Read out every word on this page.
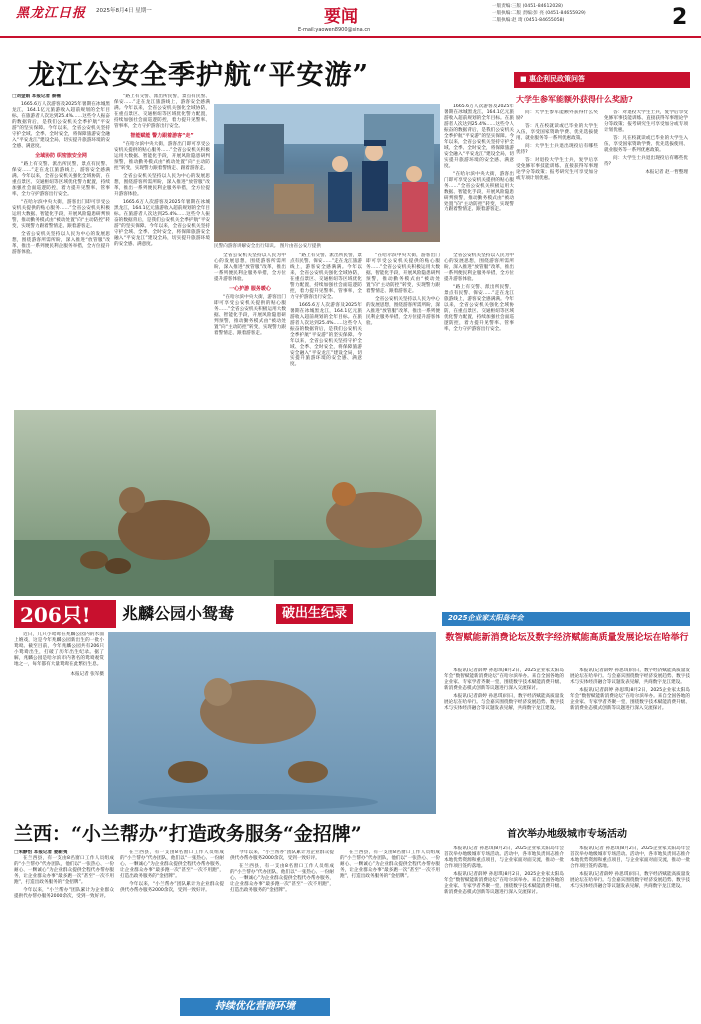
黑龙江日报 2025年8月4日 星期一	要闻
E-mail:yaowen8900@sina.cn
一版责编:三版 (0451-84612028)
一版执编:二版 责编:彭 亮 (0451-84655929)
二版执编:赵 琦 (0451-84655058)	2
龙江公安全季护航“平安游”
□刘金娟 本报记者 蔡楠

1665.6万人次游客及2025年暑期在冰城黑龙江，164.1亿元旅游收入超前规划的全年目标。在旅游者人次达到25.4%……这些令人振奋的数据背后，是我们公安机关全季护航“平安游”的坚实保障。今年以来，全省公安机关坚持守护全域、全季、全时安全，将保障旅游安全融入“平安龙江”建设全局，切实提升旅游环境的安全感、满意度。

全域协防 织密旅安全网

“路上有交警、派出所民警，景点有民警、保安……”走在龙江旅游线上，游客安全感满满。今年以来，全省公安机关强化全域协防，在重点景区、交通枢纽等区域优化警力配置，持续加强社会面巡逻防控，着力提升见警率、管事率，全力守护游客出行安全。

“在哈尔滨中央大街，游客出门即可享受公安机关提供的贴心服务……”全省公安机关积极运用大数据、智能化手段，开展风险隐患研判预警，推动勤务模式由“被动处置”向“主动防控”转变，实现警力跟着警情走、跟着游客走。

全省公安机关坚持以人民为中心的发展思想，围绕游客所需所盼，深入推进“放管服”改革，推出一系列便民利企服务举措，全方位提升游客体验。

“路上有交警、派出所民警，景点有民警、保安……”走在龙江旅游线上，游客安全感满满。今年以来，全省公安机关强化全域协防，在重点景区、交通枢纽等区域优化警力配置，持续加强社会面巡逻防控，着力提升见警率、管事率，全力守护游客出行安全。

智能赋能 警力跟着游客“走”

“在哈尔滨中央大街，游客出门即可享受公安机关提供的贴心服务……”全省公安机关积极运用大数据、智能化手段，开展风险隐患研判预警，推动勤务模式由“被动处置”向“主动防控”转变，实现警力跟着警情走、跟着游客走。

全省公安机关坚持以人民为中心的发展思想，围绕游客所需所盼，深入推进“放管服”改革，推出一系列便民利企服务举措，全方位提升游客体验。

1665.6万人次游客及2025年暑期在冰城黑龙江，164.1亿元旅游收入超前规划的全年目标。在旅游者人次达到25.4%……这些令人振奋的数据背后，是我们公安机关全季护航“平安游”的坚实保障。今年以来，全省公安机关坚持守护全域、全季、全时安全，将保障旅游安全融入“平安龙江”建设全局，切实提升旅游环境的安全感、满意度。	民警向游客讲解安全出行知识。 图片由省公安厅提供

全省公安机关坚持以人民为中心的发展思想，围绕游客所需所盼，深入推进“放管服”改革，推出一系列便民利企服务举措，全方位提升游客体验。

一心护游 服务暖心

“在哈尔滨中央大街，游客出门即可享受公安机关提供的贴心服务……”全省公安机关积极运用大数据、智能化手段，开展风险隐患研判预警，推动勤务模式由“被动处置”向“主动防控”转变，实现警力跟着警情走、跟着游客走。

“路上有交警、派出所民警，景点有民警、保安……”走在龙江旅游线上，游客安全感满满。今年以来，全省公安机关强化全域协防，在重点景区、交通枢纽等区域优化警力配置，持续加强社会面巡逻防控，着力提升见警率、管事率，全力守护游客出行安全。

1665.6万人次游客及2025年暑期在冰城黑龙江，164.1亿元旅游收入超前规划的全年目标。在旅游者人次达到25.4%……这些令人振奋的数据背后，是我们公安机关全季护航“平安游”的坚实保障。今年以来，全省公安机关坚持守护全域、全季、全时安全，将保障旅游安全融入“平安龙江”建设全局，切实提升旅游环境的安全感、满意度。

“在哈尔滨中央大街，游客出门即可享受公安机关提供的贴心服务……”全省公安机关积极运用大数据、智能化手段，开展风险隐患研判预警，推动勤务模式由“被动处置”向“主动防控”转变，实现警力跟着警情走、跟着游客走。

全省公安机关坚持以人民为中心的发展思想，围绕游客所需所盼，深入推进“放管服”改革，推出一系列便民利企服务举措，全方位提升游客体验。

全省公安机关坚持以人民为中心的发展思想，围绕游客所需所盼，深入推进“放管服”改革，推出一系列便民利企服务举措，全方位提升游客体验。

“路上有交警、派出所民警，景点有民警、保安……”走在龙江旅游线上，游客安全感满满。今年以来，全省公安机关强化全域协防，在重点景区、交通枢纽等区域优化警力配置，持续加强社会面巡逻防控，着力提升见警率、管事率，全力守护游客出行安全。

1665.6万人次游客及2025年暑期在冰城黑龙江，164.1亿元旅游收入超前规划的全年目标。在旅游者人次达到25.4%……这些令人振奋的数据背后，是我们公安机关全季护航“平安游”的坚实保障。今年以来，全省公安机关坚持守护全域、全季、全时安全，将保障旅游安全融入“平安龙江”建设全局，切实提升旅游环境的安全感、满意度。

“在哈尔滨中央大街，游客出门即可享受公安机关提供的贴心服务……”全省公安机关积极运用大数据、智能化手段，开展风险隐患研判预警，推动勤务模式由“被动处置”向“主动防控”转变，实现警力跟着警情走、跟着游客走。

■ 惠企利民政策问答
大学生参军能额外获得什么奖励?

问：大学生参军能额外获得什么奖励?

答：凡在校就读或已毕业的大学生入伍，享受国家资助学费、优先选拔使用、就业服务等一系列优惠政策。

问：大学生士兵退出现役后有哪些优待?

答：对退役大学生士兵，复学后享受免修军事技能训练、直接获得军事理论学分等政策；报考研究生可享受加分或专项计划优惠。

答：对退役大学生士兵，复学后享受免修军事技能训练、直接获得军事理论学分等政策；报考研究生可享受加分或专项计划优惠。

答：凡在校就读或已毕业的大学生入伍，享受国家资助学费、优先选拔使用、就业服务等一系列优惠政策。

问：大学生士兵退出现役后有哪些优待?

本报记者 赵一哲整理
206只!	兆麟公园小鸳鸯	破出生纪录

近日，几只小鸳鸯在兆麟公园内的水面上嬉戏，这是今年兆麟公园新出生的一批小鸳鸯。截至目前，今年兆麟公园共有206只小鸳鸯出生，打破了历年出生纪录。据了解，兆麟公园是哈尔滨市内著名的鸳鸯观赏地之一，每年都有大量鸳鸯在此繁衍生息。

本报记者 张军摄
2025企业家太阳岛年会
数智赋能新消费论坛及数字经济赋能高质量发展论坛在哈举行

本报讯(记者薛婷 孙思琪)8月2日，2025企业家太阳岛年会“数智赋能新消费论坛”在哈尔滨举办。来自全国各地的企业家、专家学者齐聚一堂，围绕数字技术赋能消费升级、新消费业态模式创新等议题进行深入交流探讨。

本报讯(记者薛婷 孙思琪)同日，数字经济赋能高质量发展论坛在哈举行。与会嘉宾围绕数字经济发展趋势、数字技术与实体经济融合等议题发表见解，共商数字龙江建设。

本报讯(记者薛婷 孙思琪)同日，数字经济赋能高质量发展论坛在哈举行。与会嘉宾围绕数字经济发展趋势、数字技术与实体经济融合等议题发表见解，共商数字龙江建设。

本报讯(记者薛婷 孙思琪)8月2日，2025企业家太阳岛年会“数智赋能新消费论坛”在哈尔滨举办。来自全国各地的企业家、专家学者齐聚一堂，围绕数字技术赋能消费升级、新消费业态模式创新等议题进行深入交流探讨。

兰西：“小兰帮办”打造政务服务“金招牌”
□朱静怡 本报记者 姜新夷

在兰西县，有一支由8名窗口工作人员组成的“小兰帮办”代办团队，他们以“一张热心、一份耐心、一颗诚心”为企业群众提供全程代办帮办服务，让企业群众办事“最多跑一次”甚至“一次不用跑”，打造出政务服务的“金招牌”。

今年以来，“小兰帮办”团队累计为企业群众提供代办帮办服务2000余次，受到一致好评。

在兰西县，有一支由8名窗口工作人员组成的“小兰帮办”代办团队，他们以“一张热心、一份耐心、一颗诚心”为企业群众提供全程代办帮办服务，让企业群众办事“最多跑一次”甚至“一次不用跑”，打造出政务服务的“金招牌”。

今年以来，“小兰帮办”团队累计为企业群众提供代办帮办服务2000余次，受到一致好评。

今年以来，“小兰帮办”团队累计为企业群众提供代办帮办服务2000余次，受到一致好评。

在兰西县，有一支由8名窗口工作人员组成的“小兰帮办”代办团队，他们以“一张热心、一份耐心、一颗诚心”为企业群众提供全程代办帮办服务，让企业群众办事“最多跑一次”甚至“一次不用跑”，打造出政务服务的“金招牌”。

在兰西县，有一支由8名窗口工作人员组成的“小兰帮办”代办团队，他们以“一张热心、一份耐心、一颗诚心”为企业群众提供全程代办帮办服务，让企业群众办事“最多跑一次”甚至“一次不用跑”，打造出政务服务的“金招牌”。

持续优化营商环境
首次举办地级城市专场活动

本报讯(记者 孙思琪)8月2日，2025企业家太阳岛年会首次举办地级城市专场活动。活动中，各市地负责同志推介本地优势资源和重点项目，与企业家面对面交流，推动一批合作项目签约落地。

本报讯(记者薛婷 孙思琪)8月2日，2025企业家太阳岛年会“数智赋能新消费论坛”在哈尔滨举办。来自全国各地的企业家、专家学者齐聚一堂，围绕数字技术赋能消费升级、新消费业态模式创新等议题进行深入交流探讨。

本报讯(记者 孙思琪)8月2日，2025企业家太阳岛年会首次举办地级城市专场活动。活动中，各市地负责同志推介本地优势资源和重点项目，与企业家面对面交流，推动一批合作项目签约落地。

本报讯(记者薛婷 孙思琪)同日，数字经济赋能高质量发展论坛在哈举行。与会嘉宾围绕数字经济发展趋势、数字技术与实体经济融合等议题发表见解，共商数字龙江建设。
